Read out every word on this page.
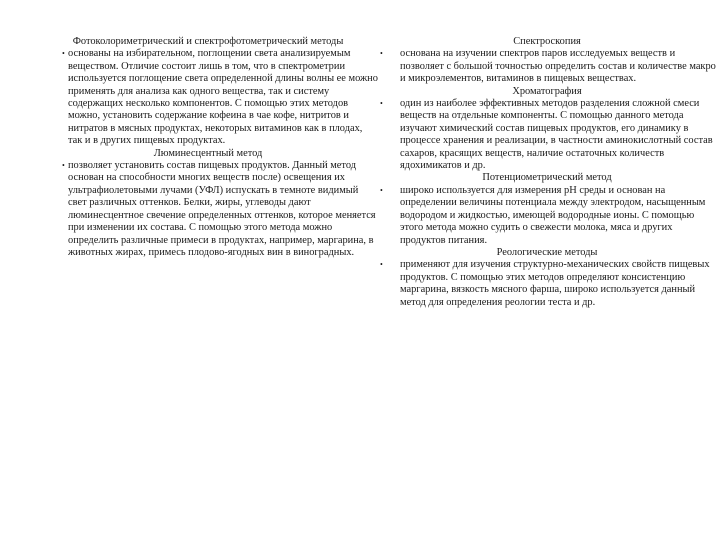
Фотоколориметрический и спектрофотометрический методы

• основаны на избирательном, поглощении света анализируемым веществом. Отличие состоит лишь в том, что в спектрометрии используется поглощение света определенной длины волны ее можно применять для анализа как одного вещества, так и систему содержащих несколько компонентов. С помощью этих методов можно, установить содержание кофеина в чае кофе, нитритов и нитратов в мясных продуктах, некоторых витаминов как в плодах, так и в других пищевых продуктах.

Люминесцентный метод

• позволяет установить состав пищевых продуктов. Данный метод основан на способности многих веществ после) освещения их ультрафиолетовыми лучами (УФЛ) испускать в темноте видимый свет различных оттенков. Белки, жиры, углеводы дают люминесцентное свечение определенных оттенков, которое меняется при изменении их состава. С помощью этого метода можно определить различные примеси в продуктах, например, маргарина, в животных жирах, примесь плодово-ягодных вин в виноградных.

Спектроскопия

• основана на изучении спектров паров исследуемых веществ и позволяет с большой точностью определить состав и количестве макро и микроэлементов, витаминов в пищевых веществах.

Хроматография

• один из наиболее эффективных методов разделения сложной смеси веществ на отдельные компоненты. С помощью данного метода изучают химический состав пищевых продуктов, его динамику в процессе хранения и реализации, в частности аминокислотный состав сахаров, красящих веществ, наличие остаточных количеств ядохимикатов и др.

Потенциометрический метод

• широко используется для измерения рН среды и основан на определении величины потенциала между электродом, насыщенным водородом и жидкостью, имеющей водородные ионы. С помощью этого метода можно судить о свежести молока, мяса и других продуктов питания.

Реологические методы

• применяют для изучения структурно-механических свойств пищевых продуктов. С помощью этих методов определяют консистенцию маргарина, вязкость мясного фарша, широко используется данный метод для определения реологии теста и др.
